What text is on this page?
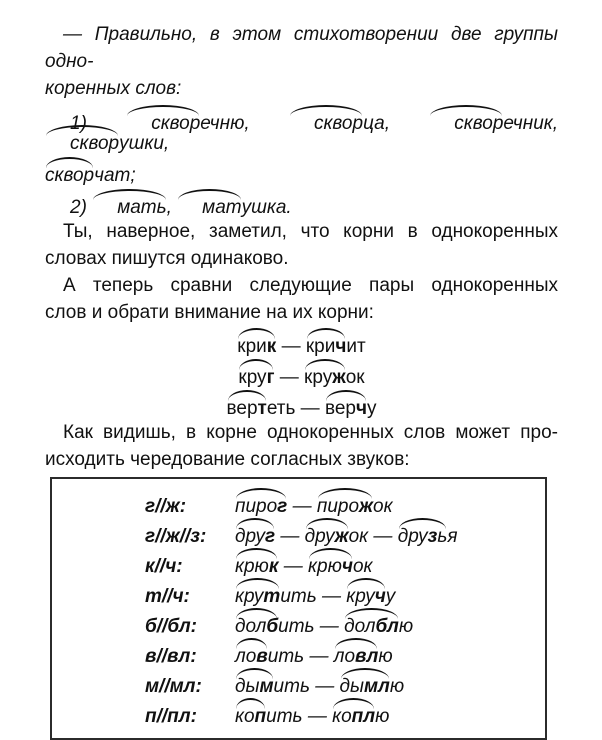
— Правильно, в этом стихотворении две группы одно-
коренных слов:

1) скворечню, скворца, скворечник, скворушки,
скворчат;
2) мать, матушка.

Ты, наверное, заметил, что корни в однокоренных
словах пишутся одинаково.

А теперь сравни следующие пары однокоренных
слов и обрати внимание на их корни:

крик — кричит
круг — кружок
вертеть — верчу

Как видишь, в корне однокоренных слов может про-
исходить чередование согласных звуков:

г//ж:	пирог — пирожок
г//ж//з: друг — дружок — друзья
к//ч:	крюк — крючок
т//ч: крутить — кручу
б//бл: долбить — долблю
в//вл: ловить — ловлю
м//мл: дымить — дымлю
п//пл: копить — коплю
